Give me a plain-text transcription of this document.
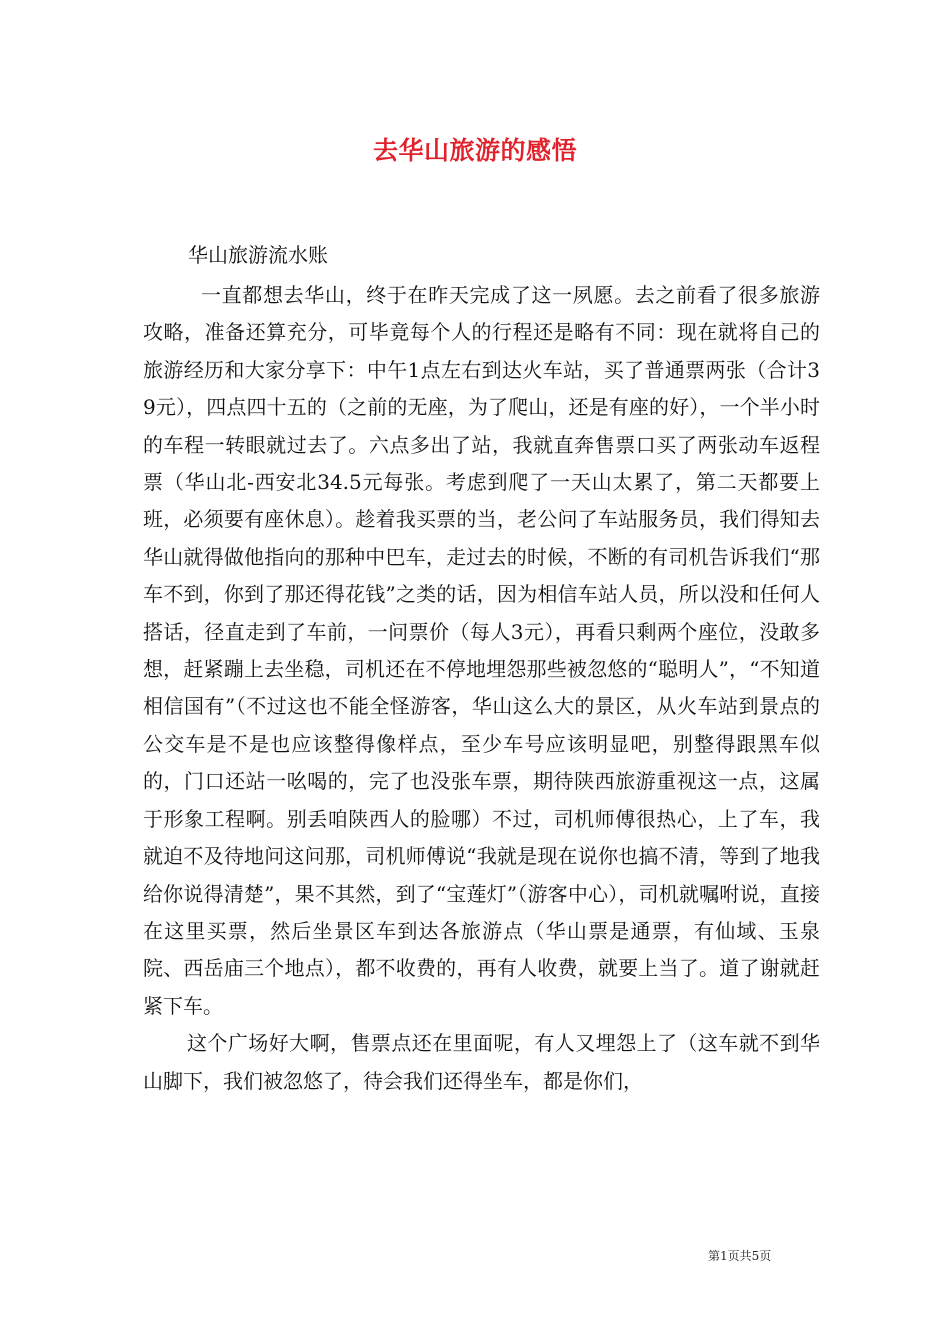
去华山旅游的感悟

华山旅游流水账

一直都想去华山，终于在昨天完成了这一夙愿。去之前看了很多旅游攻略，准备还算充分，可毕竟每个人的行程还是略有不同：现在就将自己的旅游经历和大家分享下：中午1点左右到达火车站，买了普通票两张（合计39元），四点四十五的（之前的无座，为了爬山，还是有座的好），一个半小时的车程一转眼就过去了。六点多出了站，我就直奔售票口买了两张动车返程票（华山北-西安北34.5元每张。考虑到爬了一天山太累了，第二天都要上班，必须要有座休息）。趁着我买票的当，老公问了车站服务员，我们得知去华山就得做他指向的那种中巴车，走过去的时候，不断的有司机告诉我们“那车不到，你到了那还得花钱”之类的话，因为相信车站人员，所以没和任何人搭话，径直走到了车前，一问票价（每人3元），再看只剩两个座位，没敢多想，赶紧蹦上去坐稳，司机还在不停地埋怨那些被忽悠的“聪明人”，“不知道相信国有”（不过这也不能全怪游客，华山这么大的景区，从火车站到景点的公交车是不是也应该整得像样点，至少车号应该明显吧，别整得跟黑车似的，门口还站一吆喝的，完了也没张车票，期待陕西旅游重视这一点，这属于形象工程啊。别丢咱陕西人的脸哪）不过，司机师傅很热心，上了车，我就迫不及待地问这问那，司机师傅说“我就是现在说你也搞不清，等到了地我给你说得清楚”，果不其然，到了“宝莲灯”（游客中心），司机就嘱咐说，直接在这里买票，然后坐景区车到达各旅游点（华山票是通票，有仙域、玉泉院、西岳庙三个地点），都不收费的，再有人收费，就要上当了。道了谢就赶紧下车。

这个广场好大啊，售票点还在里面呢，有人又埋怨上了（这车就不到华山脚下，我们被忽悠了，待会我们还得坐车，都是你们，

第1页共5页
